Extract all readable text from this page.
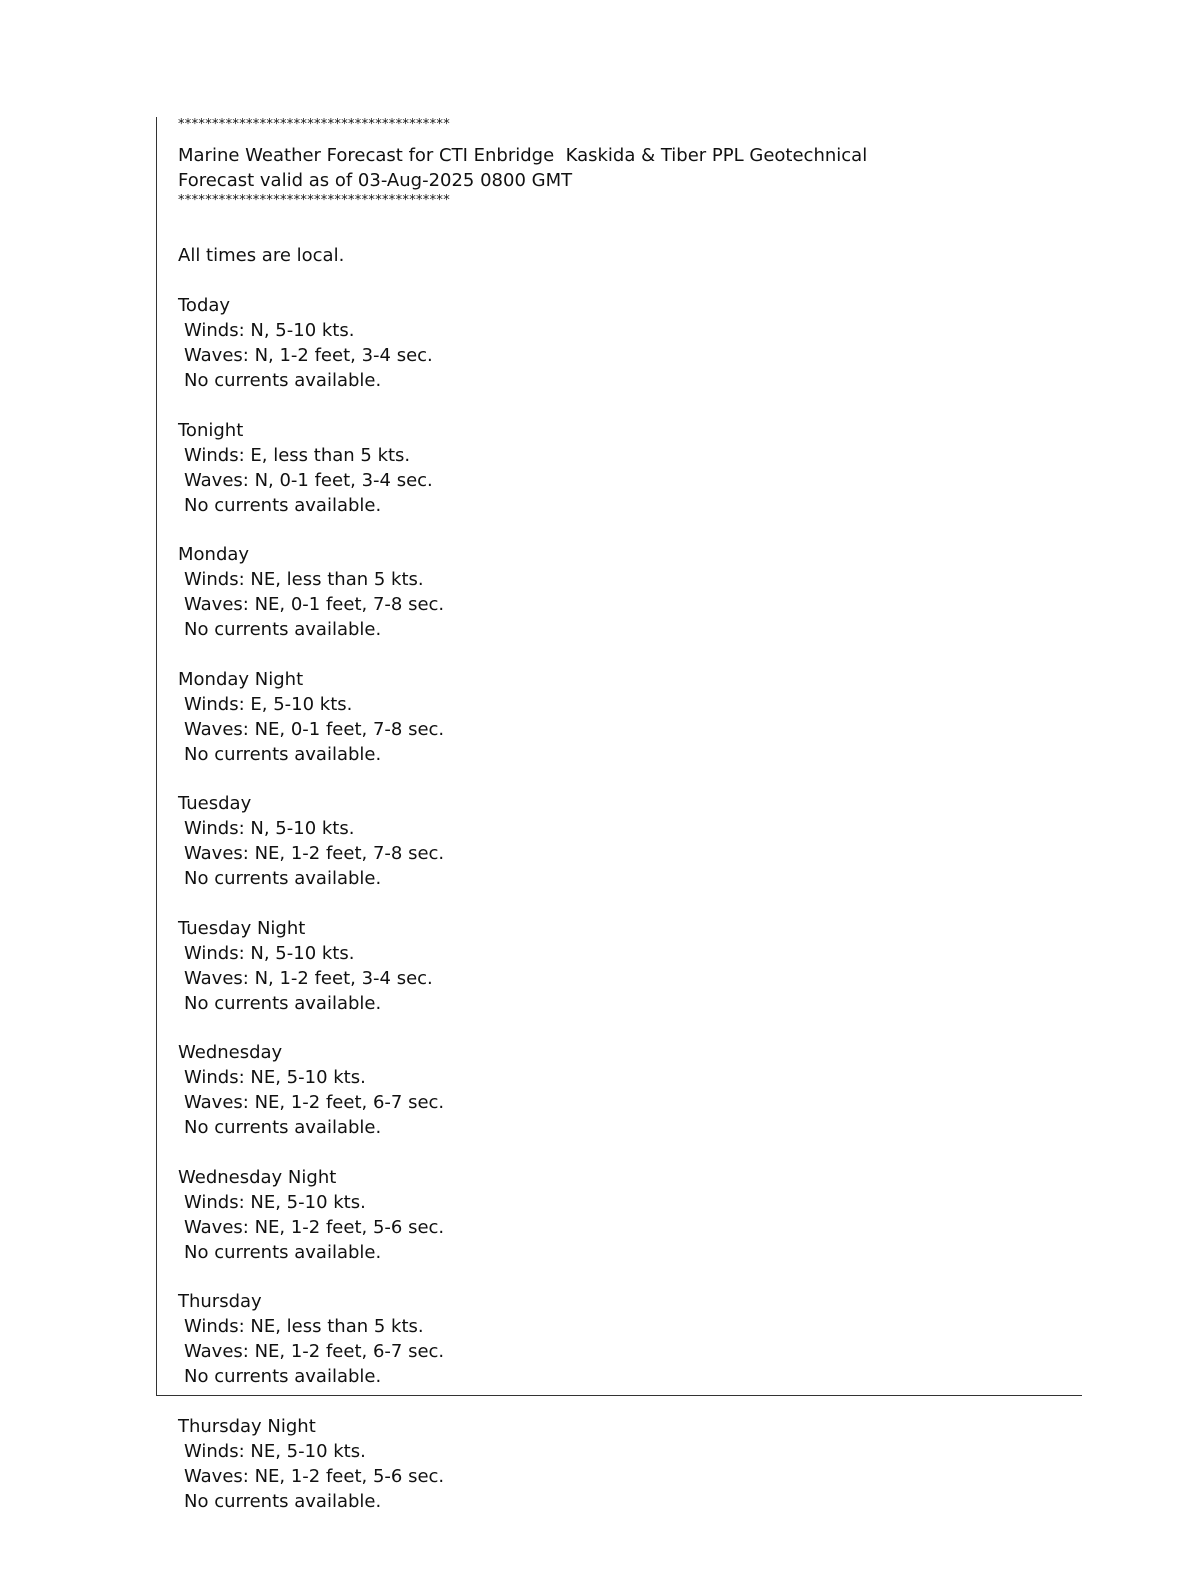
****************************************
Marine Weather Forecast for CTI Enbridge  Kaskida & Tiber PPL Geotechnical
Forecast valid as of 03-Aug-2025 0800 GMT
****************************************
All times are local.
Today
Winds: N, 5-10 kts.
Waves: N, 1-2 feet, 3-4 sec.
No currents available.
Tonight
Winds: E, less than 5 kts.
Waves: N, 0-1 feet, 3-4 sec.
No currents available.
Monday
Winds: NE, less than 5 kts.
Waves: NE, 0-1 feet, 7-8 sec.
No currents available.
Monday Night
Winds: E, 5-10 kts.
Waves: NE, 0-1 feet, 7-8 sec.
No currents available.
Tuesday
Winds: N, 5-10 kts.
Waves: NE, 1-2 feet, 7-8 sec.
No currents available.
Tuesday Night
Winds: N, 5-10 kts.
Waves: N, 1-2 feet, 3-4 sec.
No currents available.
Wednesday
Winds: NE, 5-10 kts.
Waves: NE, 1-2 feet, 6-7 sec.
No currents available.
Wednesday Night
Winds: NE, 5-10 kts.
Waves: NE, 1-2 feet, 5-6 sec.
No currents available.
Thursday
Winds: NE, less than 5 kts.
Waves: NE, 1-2 feet, 6-7 sec.
No currents available.
Thursday Night
Winds: NE, 5-10 kts.
Waves: NE, 1-2 feet, 5-6 sec.
No currents available.
